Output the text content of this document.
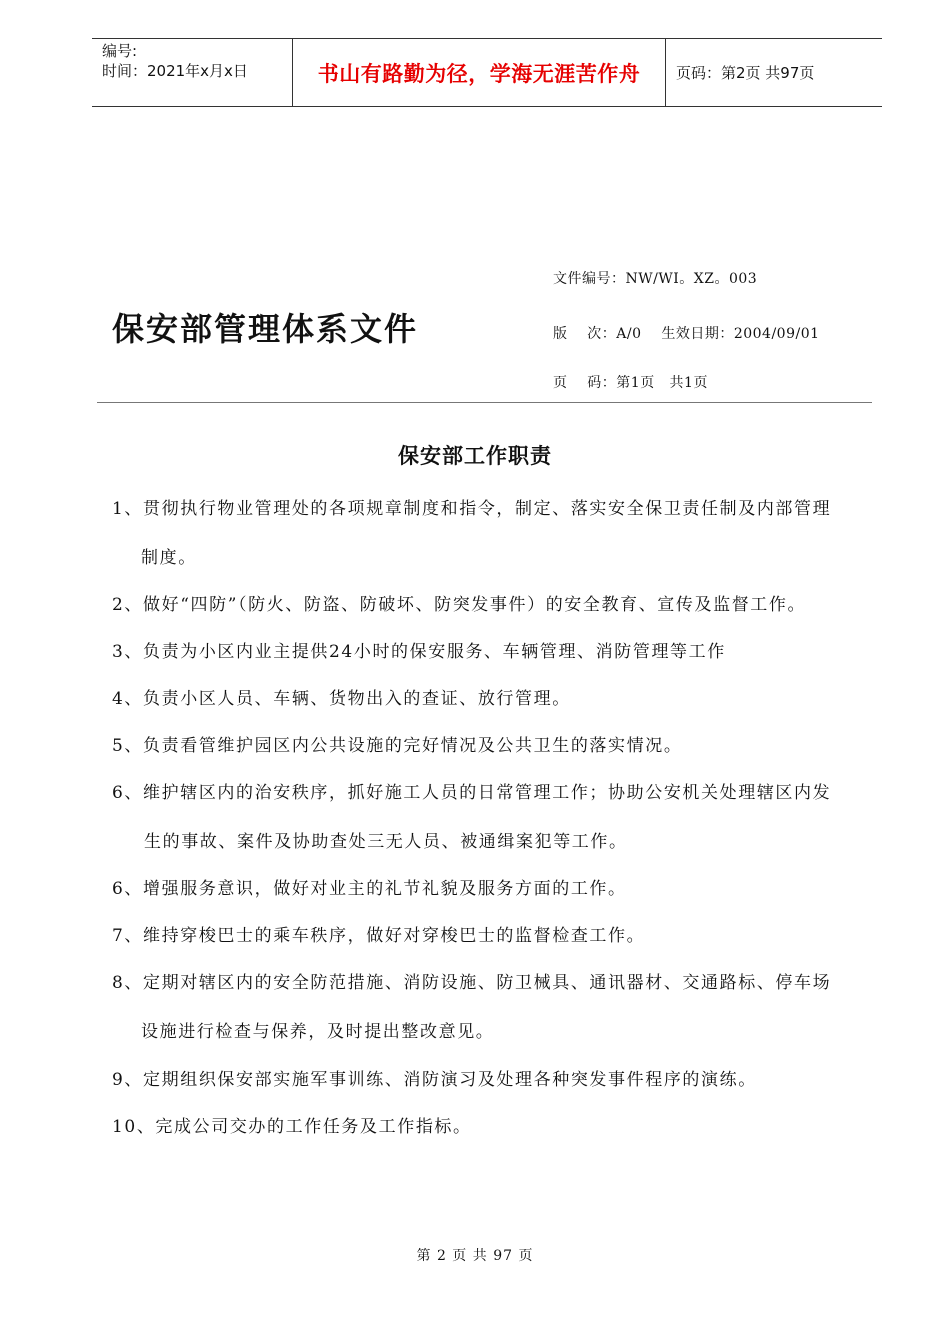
编号:
时间：2021年x月x日	书山有路勤为径，学海无涯苦作舟	页码：第2页 共97页
文件编号：NW/WI。XZ。003
保安部管理体系文件	版    次：A/0    生效日期：2004/09/01
页    码：第1页   共1页
保安部工作职责
1、贯彻执行物业管理处的各项规章制度和指令，制定、落实安全保卫责任制及内部管理
制度。
2、做好“四防”（防火、防盗、防破坏、防突发事件）的安全教育、宣传及监督工作。
3、负责为小区内业主提供24小时的保安服务、车辆管理、消防管理等工作
4、负责小区人员、车辆、货物出入的查证、放行管理。
5、负责看管维护园区内公共设施的完好情况及公共卫生的落实情况。
6、维护辖区内的治安秩序，抓好施工人员的日常管理工作；协助公安机关处理辖区内发
生的事故、案件及协助查处三无人员、被通缉案犯等工作。
6、增强服务意识，做好对业主的礼节礼貌及服务方面的工作。
7、维持穿梭巴士的乘车秩序，做好对穿梭巴士的监督检查工作。
8、定期对辖区内的安全防范措施、消防设施、防卫械具、通讯器材、交通路标、停车场
设施进行检查与保养，及时提出整改意见。
9、定期组织保安部实施军事训练、消防演习及处理各种突发事件程序的演练。
10、完成公司交办的工作任务及工作指标。
第 2 页 共 97 页
